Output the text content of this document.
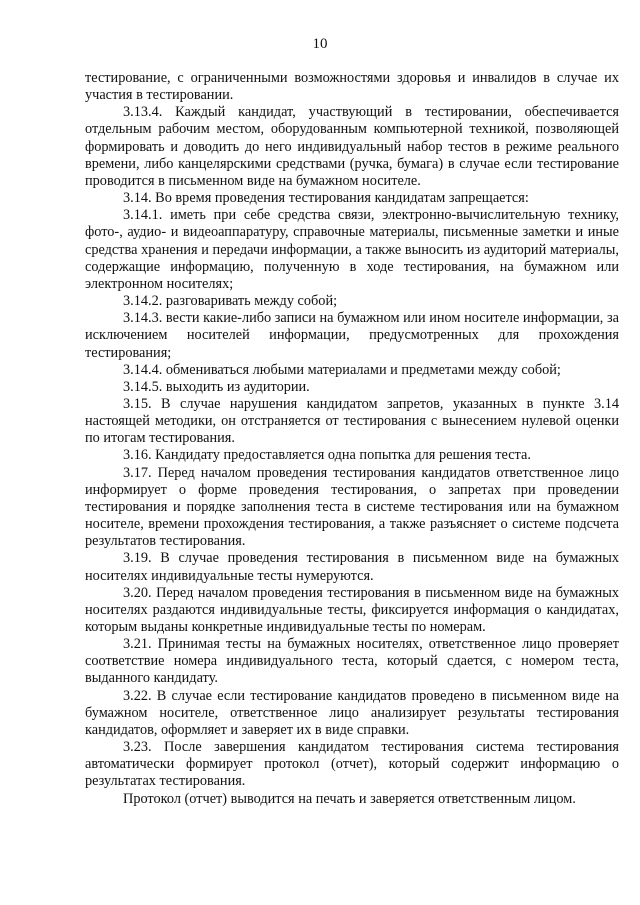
10

тестирование, с ограниченными возможностями здоровья и инвалидов в случае их участия в тестировании.

3.13.4. Каждый кандидат, участвующий в тестировании, обеспечивается отдельным рабочим местом, оборудованным компьютерной техникой, позволяющей формировать и доводить до него индивидуальный набор тестов в режиме реального времени, либо канцелярскими средствами (ручка, бумага) в случае если тестирование проводится в письменном виде на бумажном носителе.

3.14. Во время проведения тестирования кандидатам запрещается:

3.14.1. иметь при себе средства связи, электронно-вычислительную технику, фото-, аудио- и видеоаппаратуру, справочные материалы, письменные заметки и иные средства хранения и передачи информации, а также выносить из аудиторий материалы, содержащие информацию, полученную в ходе тестирования, на бумажном или электронном носителях;

3.14.2. разговаривать между собой;

3.14.3. вести какие-либо записи на бумажном или ином носителе информации, за исключением носителей информации, предусмотренных для прохождения тестирования;

3.14.4. обмениваться любыми материалами и предметами между собой;

3.14.5. выходить из аудитории.

3.15. В случае нарушения кандидатом запретов, указанных в пункте 3.14 настоящей методики, он отстраняется от тестирования с вынесением нулевой оценки по итогам тестирования.

3.16. Кандидату предоставляется одна попытка для решения теста.

3.17. Перед началом проведения тестирования кандидатов ответственное лицо информирует о форме проведения тестирования, о запретах при проведении тестирования и порядке заполнения теста в системе тестирования или на бумажном носителе, времени прохождения тестирования, а также разъясняет о системе подсчета результатов тестирования.

3.19. В случае проведения тестирования в письменном виде на бумажных носителях индивидуальные тесты нумеруются.

3.20. Перед началом проведения тестирования в письменном виде на бумажных носителях раздаются индивидуальные тесты, фиксируется информация о кандидатах, которым выданы конкретные индивидуальные тесты по номерам.

3.21. Принимая тесты на бумажных носителях, ответственное лицо проверяет соответствие номера индивидуального теста, который сдается, с номером теста, выданного кандидату.

3.22. В случае если тестирование кандидатов проведено в письменном виде на бумажном носителе, ответственное лицо анализирует результаты тестирования кандидатов, оформляет и заверяет их в виде справки.

3.23. После завершения кандидатом тестирования система тестирования автоматически формирует протокол (отчет), который содержит информацию о результатах тестирования.

Протокол (отчет) выводится на печать и заверяется ответственным лицом.
